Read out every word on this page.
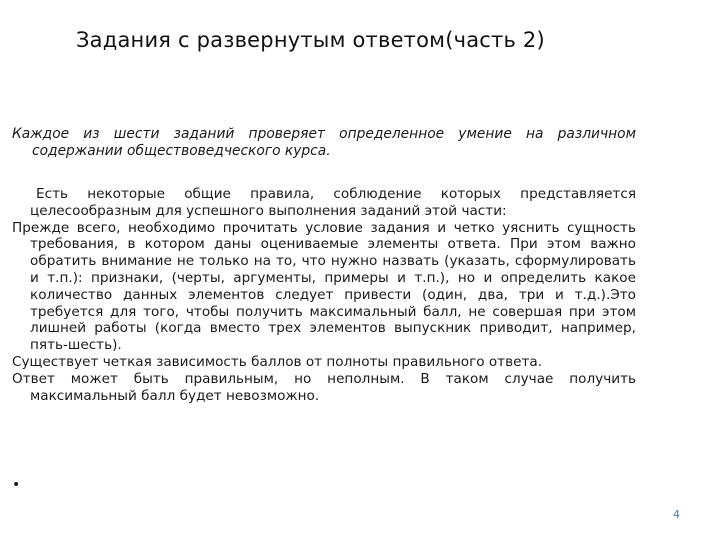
Задания с развернутым ответом(часть 2)
Каждое из шести заданий проверяет определенное умение на различном содержании обществоведческого курса.

Есть некоторые общие правила, соблюдение которых представляется целесообразным для успешного выполнения заданий этой части:

Прежде всего, необходимо прочитать условие задания и четко уяснить сущность требования, в котором даны оцениваемые элементы ответа. При этом важно обратить внимание не только на то, что нужно назвать (указать, сформулировать и т.п.): признаки, (черты, аргументы, примеры и т.п.), но и определить какое количество данных элементов следует привести (один, два, три и т.д.).Это требуется для того, чтобы получить максимальный балл, не совершая при этом лишней работы (когда вместо трех элементов выпускник приводит, например, пять-шесть).

Существует четкая зависимость баллов от полноты правильного ответа.

Ответ может быть правильным, но неполным. В таком случае получить максимальный балл будет невозможно.

•
4
